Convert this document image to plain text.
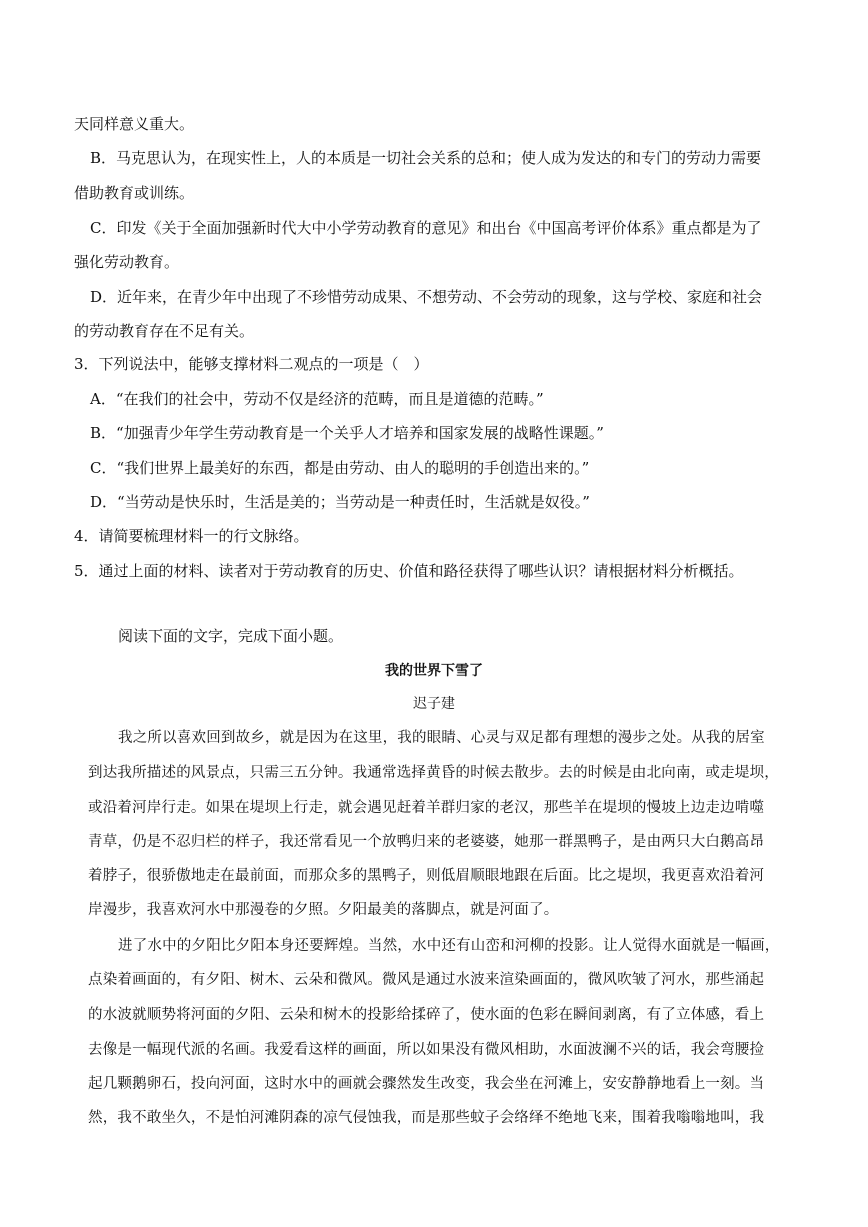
天同样意义重大。
B．马克思认为，在现实性上，人的本质是一切社会关系的总和；使人成为发达的和专门的劳动力需要
借助教育或训练。
C．印发《关于全面加强新时代大中小学劳动教育的意见》和出台《中国高考评价体系》重点都是为了
强化劳动教育。
D．近年来，在青少年中出现了不珍惜劳动成果、不想劳动、不会劳动的现象，这与学校、家庭和社会
的劳动教育存在不足有关。
3．下列说法中，能够支撑材料二观点的一项是（　）
A．“在我们的社会中，劳动不仅是经济的范畴，而且是道德的范畴。”
B．“加强青少年学生劳动教育是一个关乎人才培养和国家发展的战略性课题。”
C．“我们世界上最美好的东西，都是由劳动、由人的聪明的手创造出来的。”
D．“当劳动是快乐时，生活是美的；当劳动是一种责任时，生活就是奴役。”
4．请简要梳理材料一的行文脉络。
5．通过上面的材料、读者对于劳动教育的历史、价值和路径获得了哪些认识？请根据材料分析概括。
阅读下面的文字，完成下面小题。
我的世界下雪了
迟子建
我之所以喜欢回到故乡，就是因为在这里，我的眼睛、心灵与双足都有理想的漫步之处。从我的居室
到达我所描述的风景点，只需三五分钟。我通常选择黄昏的时候去散步。去的时候是由北向南，或走堤坝，
或沿着河岸行走。如果在堤坝上行走，就会遇见赶着羊群归家的老汉，那些羊在堤坝的慢坡上边走边啃噬
青草，仍是不忍归栏的样子，我还常看见一个放鸭归来的老婆婆，她那一群黑鸭子，是由两只大白鹅高昂
着脖子，很骄傲地走在最前面，而那众多的黑鸭子，则低眉顺眼地跟在后面。比之堤坝，我更喜欢沿着河
岸漫步，我喜欢河水中那漫卷的夕照。夕阳最美的落脚点，就是河面了。
进了水中的夕阳比夕阳本身还要辉煌。当然，水中还有山峦和河柳的投影。让人觉得水面就是一幅画，
点染着画面的，有夕阳、树木、云朵和微风。微风是通过水波来渲染画面的，微风吹皱了河水，那些涌起
的水波就顺势将河面的夕阳、云朵和树木的投影给揉碎了，使水面的色彩在瞬间剥离，有了立体感，看上
去像是一幅现代派的名画。我爱看这样的画面，所以如果没有微风相助，水面波澜不兴的话，我会弯腰捡
起几颗鹅卵石，投向河面，这时水中的画就会骤然发生改变，我会坐在河滩上，安安静静地看上一刻。当
然，我不敢坐久，不是怕河滩阴森的凉气侵蚀我，而是那些蚊子会络绎不绝地飞来，围着我嗡嗡地叫，我
